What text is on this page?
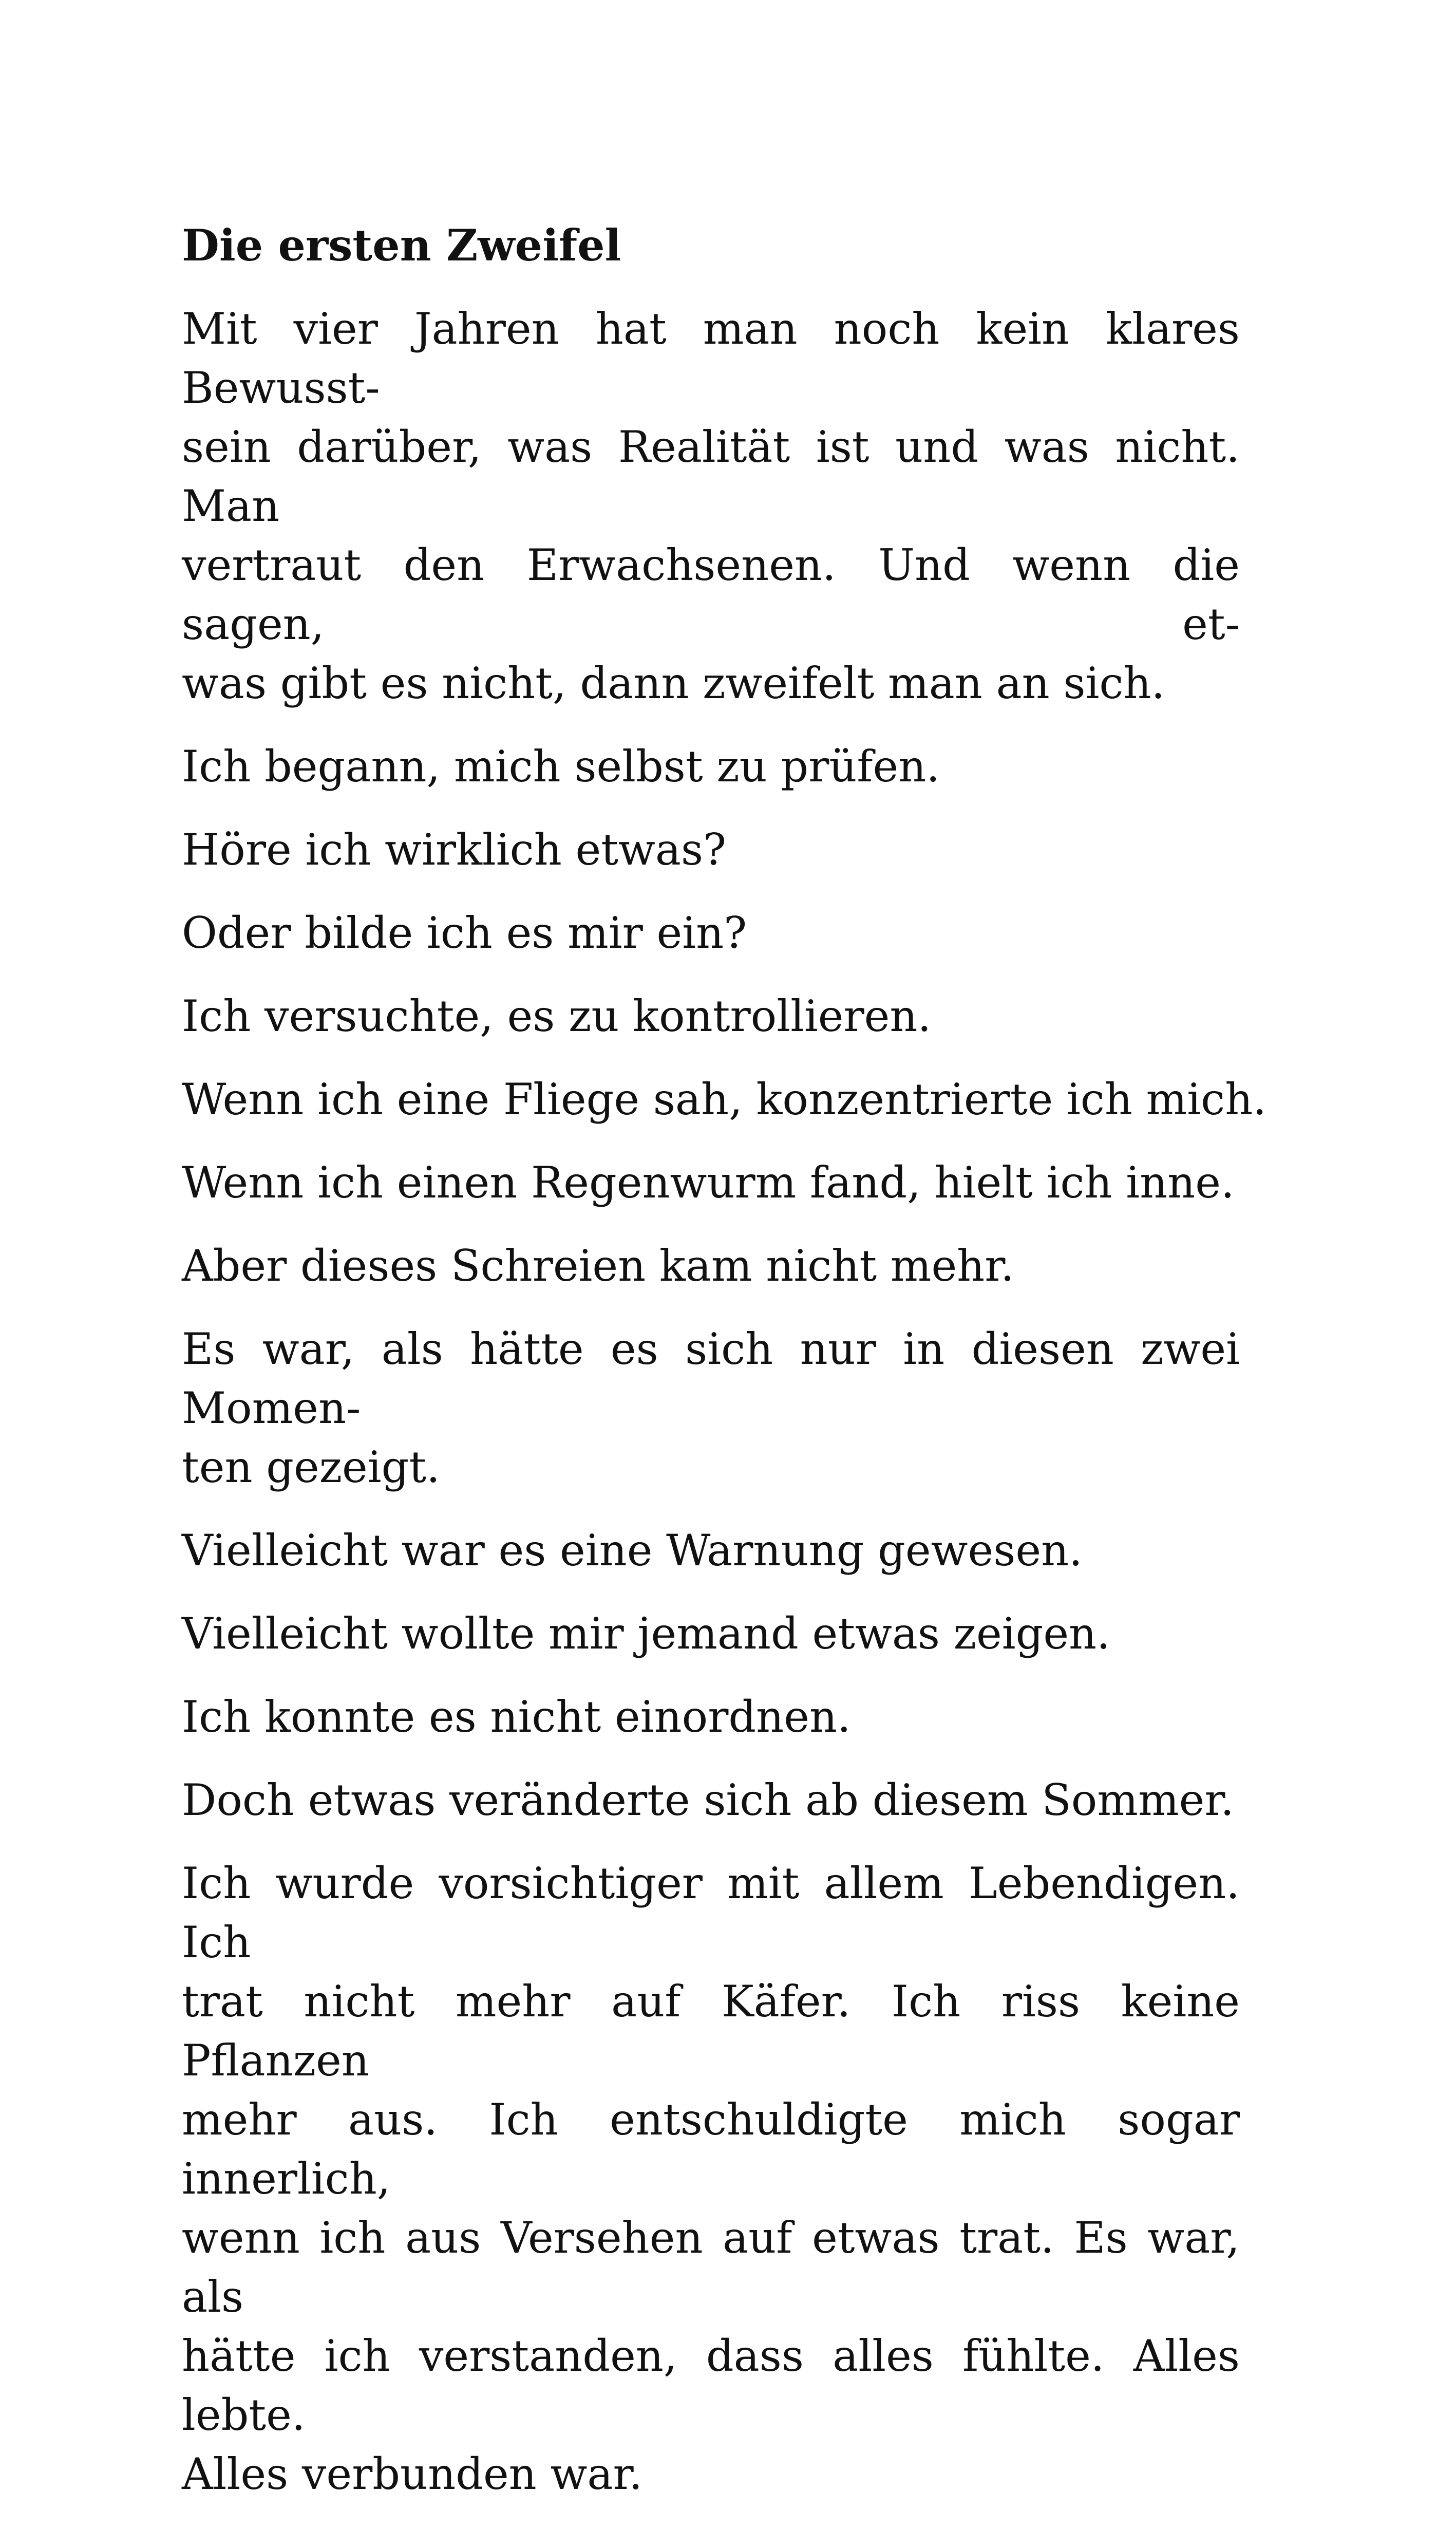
Die ersten Zweifel
Mit vier Jahren hat man noch kein klares Bewusst-
sein darüber, was Realität ist und was nicht. Man
vertraut den Erwachsenen. Und wenn die sagen, et-
was gibt es nicht, dann zweifelt man an sich.
Ich begann, mich selbst zu prüfen.
Höre ich wirklich etwas?
Oder bilde ich es mir ein?
Ich versuchte, es zu kontrollieren.
Wenn ich eine Fliege sah, konzentrierte ich mich.
Wenn ich einen Regenwurm fand, hielt ich inne.
Aber dieses Schreien kam nicht mehr.
Es war, als hätte es sich nur in diesen zwei Momen-
ten gezeigt.
Vielleicht war es eine Warnung gewesen.
Vielleicht wollte mir jemand etwas zeigen.
Ich konnte es nicht einordnen.
Doch etwas veränderte sich ab diesem Sommer.
Ich wurde vorsichtiger mit allem Lebendigen. Ich
trat nicht mehr auf Käfer. Ich riss keine Pflanzen
mehr aus. Ich entschuldigte mich sogar innerlich,
wenn ich aus Versehen auf etwas trat. Es war, als
hätte ich verstanden, dass alles fühlte. Alles lebte.
Alles verbunden war.
